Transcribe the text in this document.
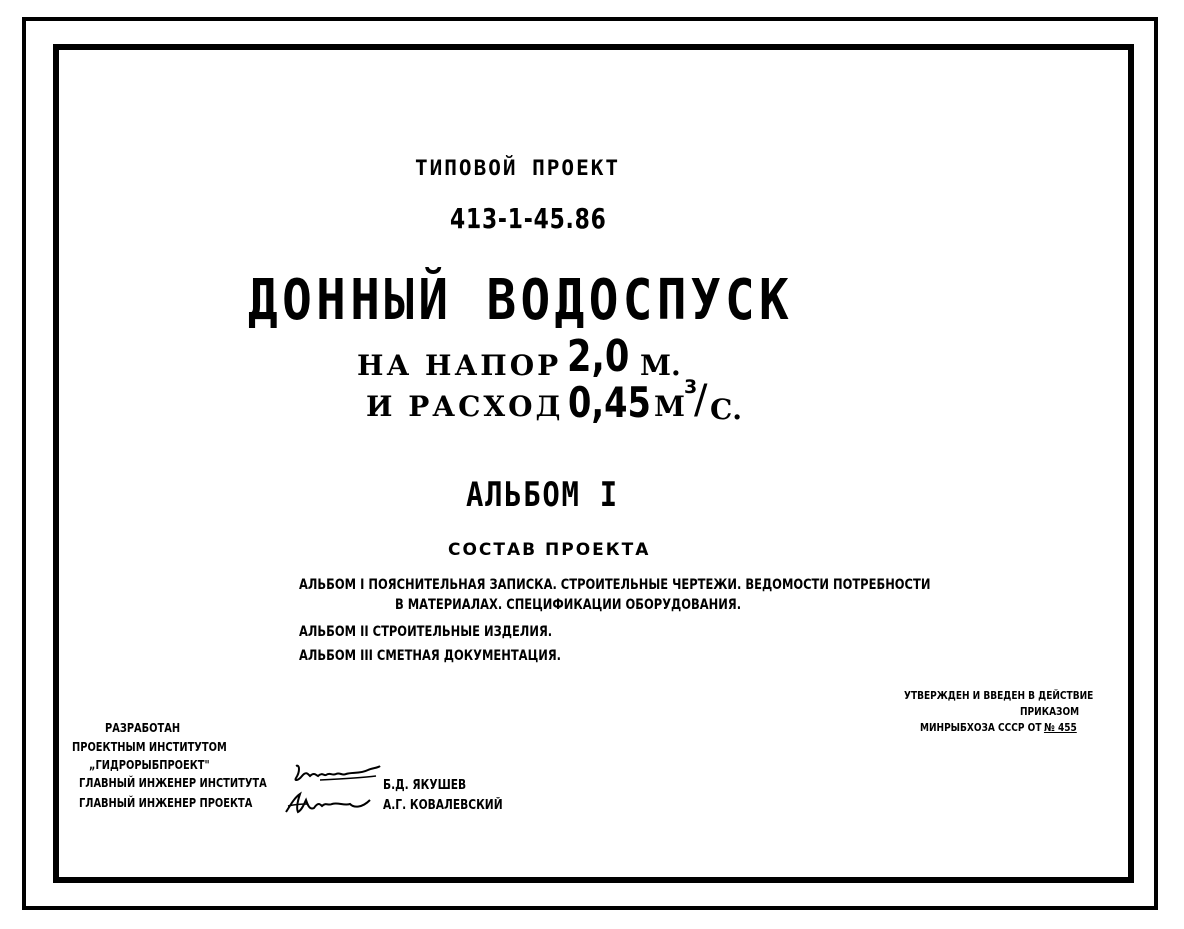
ТИПОВОЙ ПРОЕКТ
413-1-45.86
ДОННЫЙ ВОДОСПУСК
НА НАПОР 2,0 М.
И РАСХОД 0,45 М
3
/ С.
АЛЬБОМ I
СОСТАВ ПРОЕКТА
АЛЬБОМ I ПОЯСНИТЕЛЬНАЯ ЗАПИСКА. СТРОИТЕЛЬНЫЕ ЧЕРТЕЖИ. ВЕДОМОСТИ ПОТРЕБНОСТИ
В МАТЕРИАЛАХ. СПЕЦИФИКАЦИИ ОБОРУДОВАНИЯ.
АЛЬБОМ II СТРОИТЕЛЬНЫЕ ИЗДЕЛИЯ.
АЛЬБОМ III СМЕТНАЯ ДОКУМЕНТАЦИЯ.
УТВЕРЖДЕН И ВВЕДЕН В ДЕЙСТВИЕ
ПРИКАЗОМ
МИНРЫБХОЗА СССР ОТ № 455
РАЗРАБОТАН
ПРОЕКТНЫМ ИНСТИТУТОМ
„ГИДРОРЫБПРОЕКТ"
ГЛАВНЫЙ ИНЖЕНЕР ИНСТИТУТА
ГЛАВНЫЙ ИНЖЕНЕР ПРОЕКТА
Б.Д. ЯКУШЕВ
А.Г. КОВАЛЕВСКИЙ
